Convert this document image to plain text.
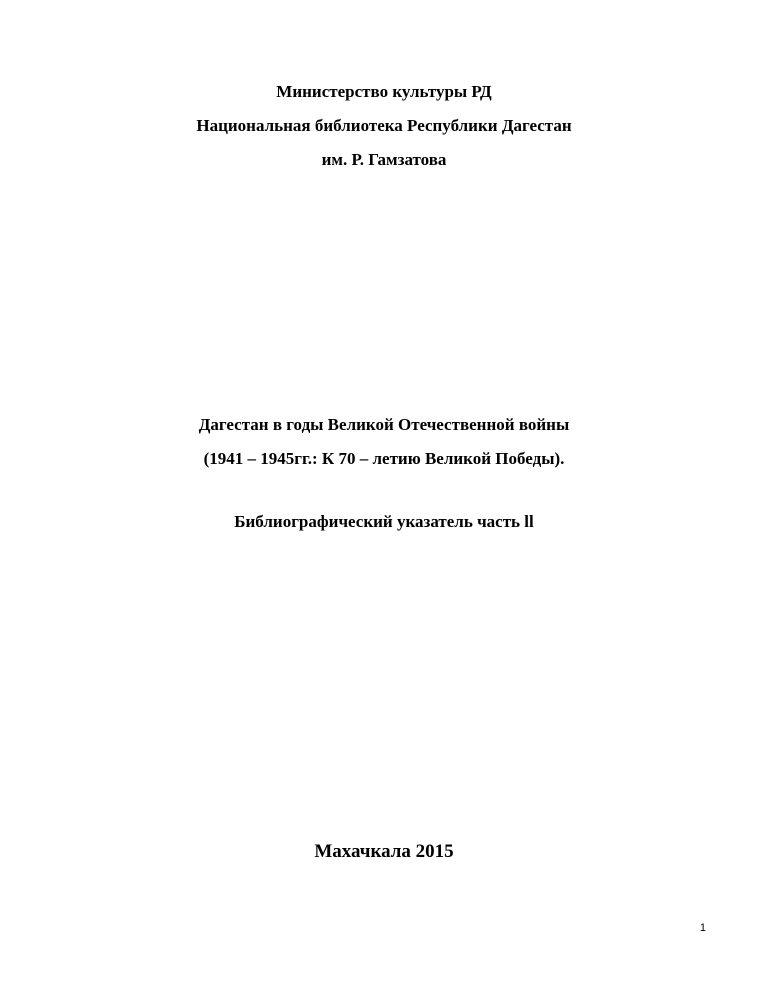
Министерство культуры РД
Национальная библиотека Республики Дагестан
им. Р. Гамзатова
Дагестан в годы Великой Отечественной войны
(1941 – 1945гг.: К 70 – летию Великой Победы).
Библиографический указатель часть ll
Махачкала 2015
1
